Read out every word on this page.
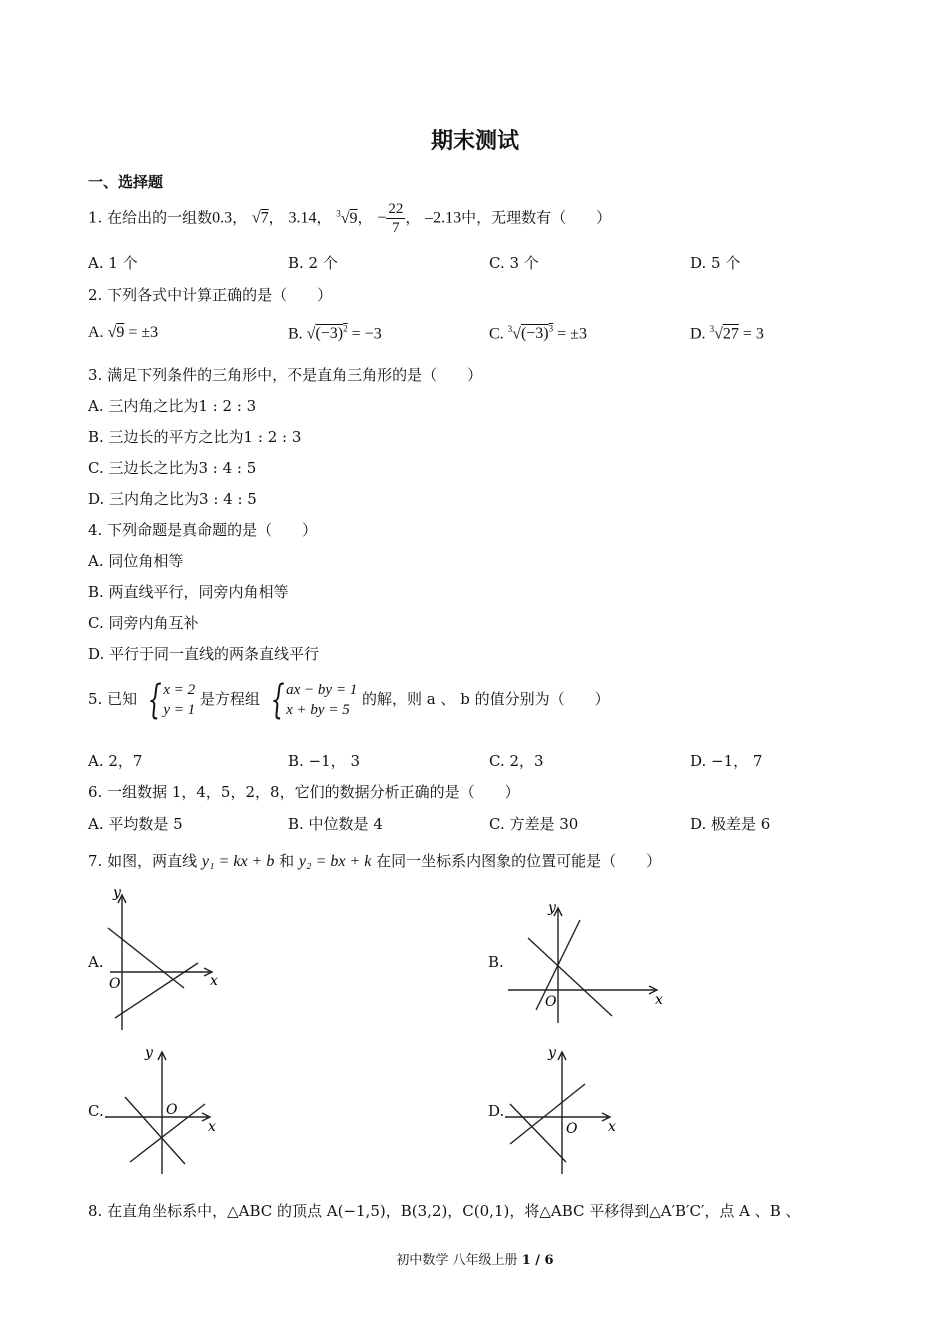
期末测试
一、选择题
1. 在给出的一组数0.3， √7， 3.14， $^3$√9， − $\frac{22}{7}$ ， –2.13中，无理数有（　　）
A. 1 个	B. 2 个	C. 3 个	D. 5 个
2. 下列各式中计算正确的是（　　）
A. √9 = ±3	B. $√(-3)^2 = -3$	C. $^3√(-3)^3 = \pm 3$	D. $^3$√27 = 3
3. 满足下列条件的三角形中，不是直角三角形的是（　　）
A. 三内角之比为1 : 2 : 3
B. 三边长的平方之比为1 : 2 : 3
C. 三边长之比为3 : 4 : 5
D. 三内角之比为3 : 4 : 5
4. 下列命题是真命题的是（　　）
A. 同位角相等
B. 两直线平行，同旁内角相等
C. 同旁内角互补
D. 平行于同一直线的两条直线平行
5. 已知 { x = 2
y = 1
是方程组 { ax − by = 1
x + by = 5
的解，则 a 、 b 的值分别为（　　）
A. 2，7	B. −1， 3	C. 2，3	D. −1， 7
6. 一组数据 1，4，5，2，8，它们的数据分析正确的是（　　）
A. 平均数是 5	B. 中位数是 4	C. 方差是 30	D. 极差是 6
7. 如图，两直线 y₁ = kx + b 和 y₂ = bx + k 在同一坐标系内图象的位置可能是（　　）
A.
y
x
O
B.
y
x
O
C.
y
x
O	D.
y
x
O
8. 在直角坐标系中，△ABC 的顶点 A(−1,5)，B(3,2)，C(0,1)，将△ABC 平移得到△A′B′C′，点 A 、B 、
初中数学 八年级上册 1 / 6
